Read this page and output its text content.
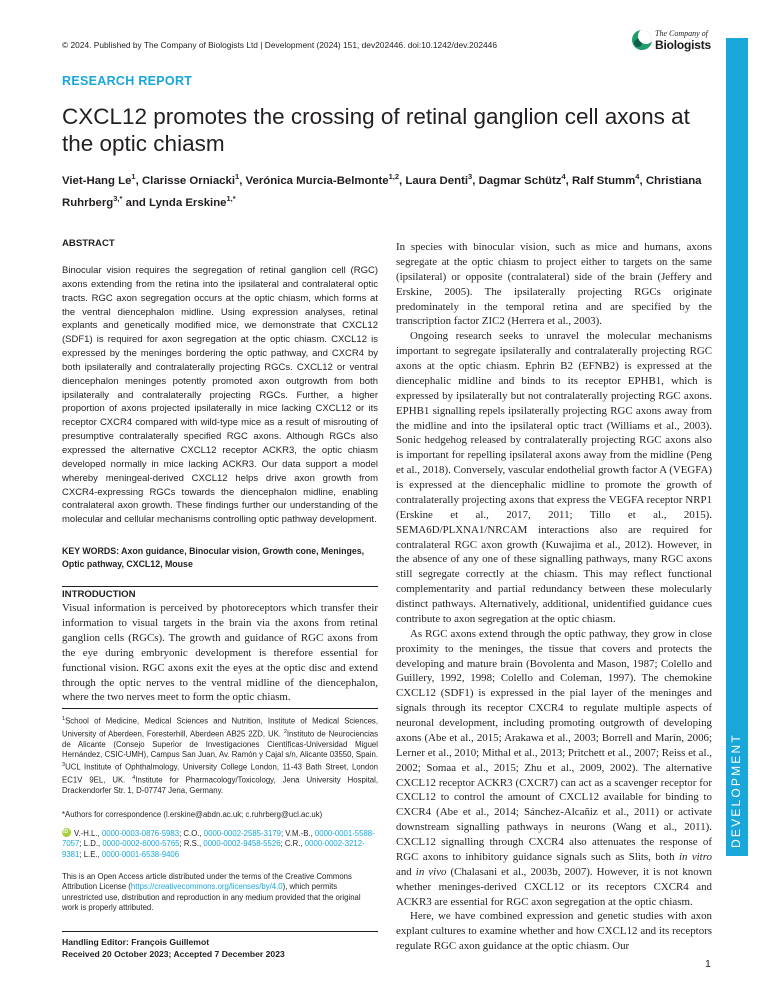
© 2024. Published by The Company of Biologists Ltd | Development (2024) 151, dev202446. doi:10.1242/dev.202446
The Company of
Biologists
DEVELOPMENT
RESEARCH REPORT
CXCL12 promotes the crossing of retinal ganglion cell axons at the optic chiasm
Viet-Hang Le$^1$, Clarisse Orniacki$^1$, Verónica Murcia-Belmonte$^{1,2}$, Laura Denti$^3$, Dagmar Schütz$^4$, Ralf Stumm$^4$, Christiana Ruhrberg$^{3,*}$ and Lynda Erskine$^{1,*}$
ABSTRACT

Binocular vision requires the segregation of retinal ganglion cell (RGC) axons extending from the retina into the ipsilateral and contralateral optic tracts. RGC axon segregation occurs at the optic chiasm, which forms at the ventral diencephalon midline. Using expression analyses, retinal explants and genetically modified mice, we demonstrate that CXCL12 (SDF1) is required for axon segregation at the optic chiasm. CXCL12 is expressed by the meninges bordering the optic pathway, and CXCR4 by both ipsilaterally and contralaterally projecting RGCs. CXCL12 or ventral diencephalon meninges potently promoted axon outgrowth from both ipsilaterally and contralaterally projecting RGCs. Further, a higher proportion of axons projected ipsilaterally in mice lacking CXCL12 or its receptor CXCR4 compared with wild-type mice as a result of misrouting of presumptive contralaterally specified RGC axons. Although RGCs also expressed the alternative CXCL12 receptor ACKR3, the optic chiasm developed normally in mice lacking ACKR3. Our data support a model whereby meningeal-derived CXCL12 helps drive axon growth from CXCR4-expressing RGCs towards the diencephalon midline, enabling contralateral axon growth. These findings further our understanding of the molecular and cellular mechanisms controlling optic pathway development.

KEY WORDS: Axon guidance, Binocular vision, Growth cone, Meninges, Optic pathway, CXCL12, Mouse

INTRODUCTION

Visual information is perceived by photoreceptors which transfer their information to visual targets in the brain via the axons from retinal ganglion cells (RGCs). The growth and guidance of RGC axons from the eye during embryonic development is therefore essential for functional vision. RGC axons exit the eyes at the optic disc and extend through the optic nerves to the ventral midline of the diencephalon, where the two nerves meet to form the optic chiasm.

$^1$School of Medicine, Medical Sciences and Nutrition, Institute of Medical Sciences, University of Aberdeen, Foresterhill, Aberdeen AB25 2ZD, UK. $^2$Instituto de Neurociencias de Alicante (Consejo Superior de Investigaciones Científicas-Universidad Miguel Hernández, CSIC-UMH), Campus San Juan, Av. Ramón y Cajal s/n, Alicante 03550, Spain. $^3$UCL Institute of Ophthalmology, University College London, 11-43 Bath Street, London EC1V 9EL, UK. $^4$Institute for Pharmacology/Toxicology, Jena University Hospital, Drackendorfer Str. 1, D-07747 Jena, Germany.

*Authors for correspondence (l.erskine@abdn.ac.uk; c.ruhrberg@ucl.ac.uk)

iDV.-H.L., 0000-0003-0876-5983; C.O., 0000-0002-2585-3179; V.M.-B., 0000-0001-5588-7057; L.D., 0000-0002-6000-5765; R.S., 0000-0002-9458-5526; C.R., 0000-0002-3212-9381; L.E., 0000-0001-6538-9406

This is an Open Access article distributed under the terms of the Creative Commons Attribution License (https://creativecommons.org/licenses/by/4.0), which permits unrestricted use, distribution and reproduction in any medium provided that the original work is properly attributed.

Handling Editor: François Guillemot
Received 20 October 2023; Accepted 7 December 2023

In species with binocular vision, such as mice and humans, axons segregate at the optic chiasm to project either to targets on the same (ipsilateral) or opposite (contralateral) side of the brain (Jeffery and Erskine, 2005). The ipsilaterally projecting RGCs originate predominately in the temporal retina and are specified by the transcription factor ZIC2 (Herrera et al., 2003).

Ongoing research seeks to unravel the molecular mechanisms important to segregate ipsilaterally and contralaterally projecting RGC axons at the optic chiasm. Ephrin B2 (EFNB2) is expressed at the diencephalic midline and binds to its receptor EPHB1, which is expressed by ipsilaterally but not contralaterally projecting RGC axons. EPHB1 signalling repels ipsilaterally projecting RGC axons away from the midline and into the ipsilateral optic tract (Williams et al., 2003). Sonic hedgehog released by contralaterally projecting RGC axons also is important for repelling ipsilateral axons away from the midline (Peng et al., 2018). Conversely, vascular endothelial growth factor A (VEGFA) is expressed at the diencephalic midline to promote the growth of contralaterally projecting axons that express the VEGFA receptor NRP1 (Erskine et al., 2017, 2011; Tillo et al., 2015). SEMA6D/PLXNA1/NRCAM interactions also are required for contralateral RGC axon growth (Kuwajima et al., 2012). However, in the absence of any one of these signalling pathways, many RGC axons still segregate correctly at the chiasm. This may reflect functional complementarity and partial redundancy between these molecularly distinct pathways. Alternatively, additional, unidentified guidance cues contribute to axon segregation at the optic chiasm.

As RGC axons extend through the optic pathway, they grow in close proximity to the meninges, the tissue that covers and protects the developing and mature brain (Bovolenta and Mason, 1987; Colello and Guillery, 1992, 1998; Colello and Coleman, 1997). The chemokine CXCL12 (SDF1) is expressed in the pial layer of the meninges and signals through its receptor CXCR4 to regulate multiple aspects of neuronal development, including promoting outgrowth of developing axons (Abe et al., 2015; Arakawa et al., 2003; Borrell and Marín, 2006; Lerner et al., 2010; Mithal et al., 2013; Pritchett et al., 2007; Reiss et al., 2002; Somaa et al., 2015; Zhu et al., 2009, 2002). The alternative CXCL12 receptor ACKR3 (CXCR7) can act as a scavenger receptor for CXCL12 to control the amount of CXCL12 available for binding to CXCR4 (Abe et al., 2014; Sánchez-Alcañiz et al., 2011) or activate downstream signalling pathways in neurons (Wang et al., 2011). CXCL12 signalling through CXCR4 also attenuates the response of RGC axons to inhibitory guidance signals such as Slits, both in vitro and in vivo (Chalasani et al., 2003b, 2007). However, it is not known whether meninges-derived CXCL12 or its receptors CXCR4 and ACKR3 are essential for RGC axon segregation at the optic chiasm.

Here, we have combined expression and genetic studies with axon explant cultures to examine whether and how CXCL12 and its receptors regulate RGC axon guidance at the optic chiasm. Our

1
